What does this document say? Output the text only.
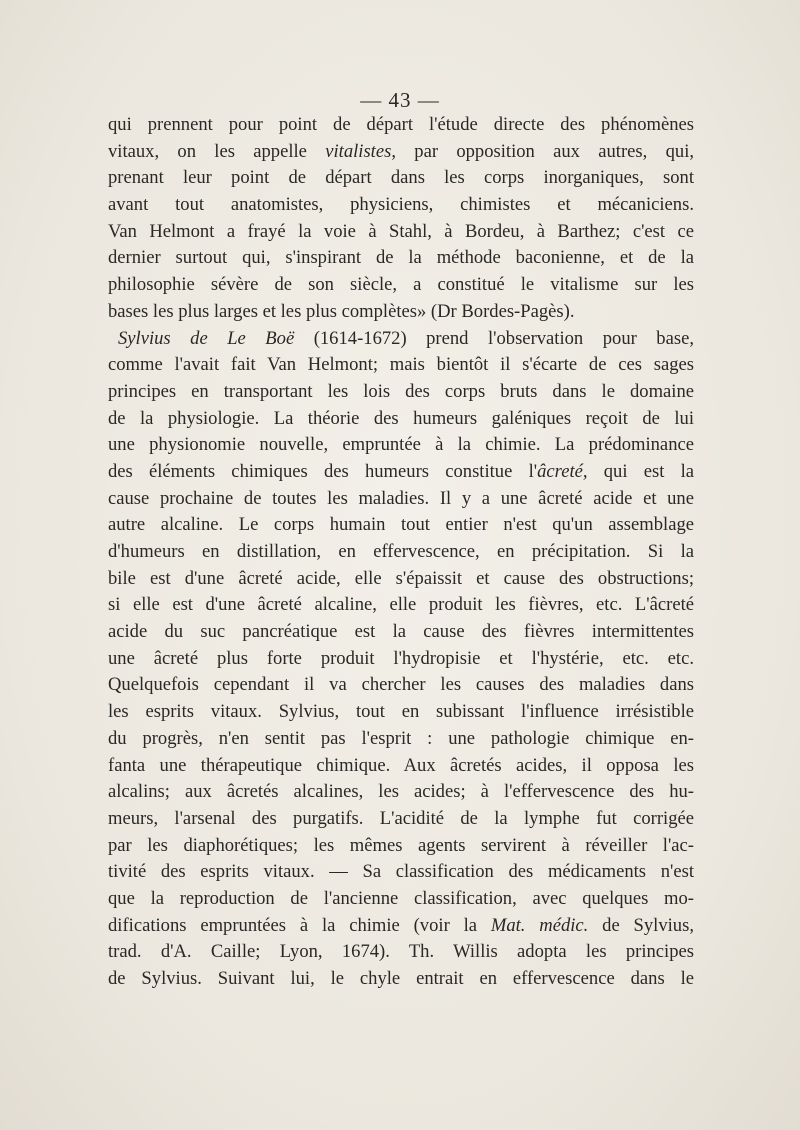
— 43 —
qui prennent pour point de départ l'étude directe des phénomènes
vitaux, on les appelle vitalistes, par opposition aux autres, qui,
prenant leur point de départ dans les corps inorganiques, sont
avant tout anatomistes, physiciens, chimistes et mécaniciens.
Van Helmont a frayé la voie à Stahl, à Bordeu, à Barthez; c'est ce
dernier surtout qui, s'inspirant de la méthode baconienne, et de la
philosophie sévère de son siècle, a constitué le vitalisme sur les
bases les plus larges et les plus complètes» (Dr Bordes-Pagès).
Sylvius de Le Boë (1614-1672) prend l'observation pour base,
comme l'avait fait Van Helmont; mais bientôt il s'écarte de ces sages
principes en transportant les lois des corps bruts dans le domaine
de la physiologie. La théorie des humeurs galéniques reçoit de lui
une physionomie nouvelle, empruntée à la chimie. La prédominance
des éléments chimiques des humeurs constitue l'âcreté, qui est la
cause prochaine de toutes les maladies. Il y a une âcreté acide et une
autre alcaline. Le corps humain tout entier n'est qu'un assemblage
d'humeurs en distillation, en effervescence, en précipitation. Si la
bile est d'une âcreté acide, elle s'épaissit et cause des obstructions;
si elle est d'une âcreté alcaline, elle produit les fièvres, etc. L'âcreté
acide du suc pancréatique est la cause des fièvres intermittentes
une âcreté plus forte produit l'hydropisie et l'hystérie, etc. etc.
Quelquefois cependant il va chercher les causes des maladies dans
les esprits vitaux. Sylvius, tout en subissant l'influence irrésistible
du progrès, n'en sentit pas l'esprit : une pathologie chimique en-
fanta une thérapeutique chimique. Aux âcretés acides, il opposa les
alcalins; aux âcretés alcalines, les acides; à l'effervescence des hu-
meurs, l'arsenal des purgatifs. L'acidité de la lymphe fut corrigée
par les diaphorétiques; les mêmes agents servirent à réveiller l'ac-
tivité des esprits vitaux. — Sa classification des médicaments n'est
que la reproduction de l'ancienne classification, avec quelques mo-
difications empruntées à la chimie (voir la Mat. médic. de Sylvius,
trad. d'A. Caille; Lyon, 1674). Th. Willis adopta les principes
de Sylvius. Suivant lui, le chyle entrait en effervescence dans le
